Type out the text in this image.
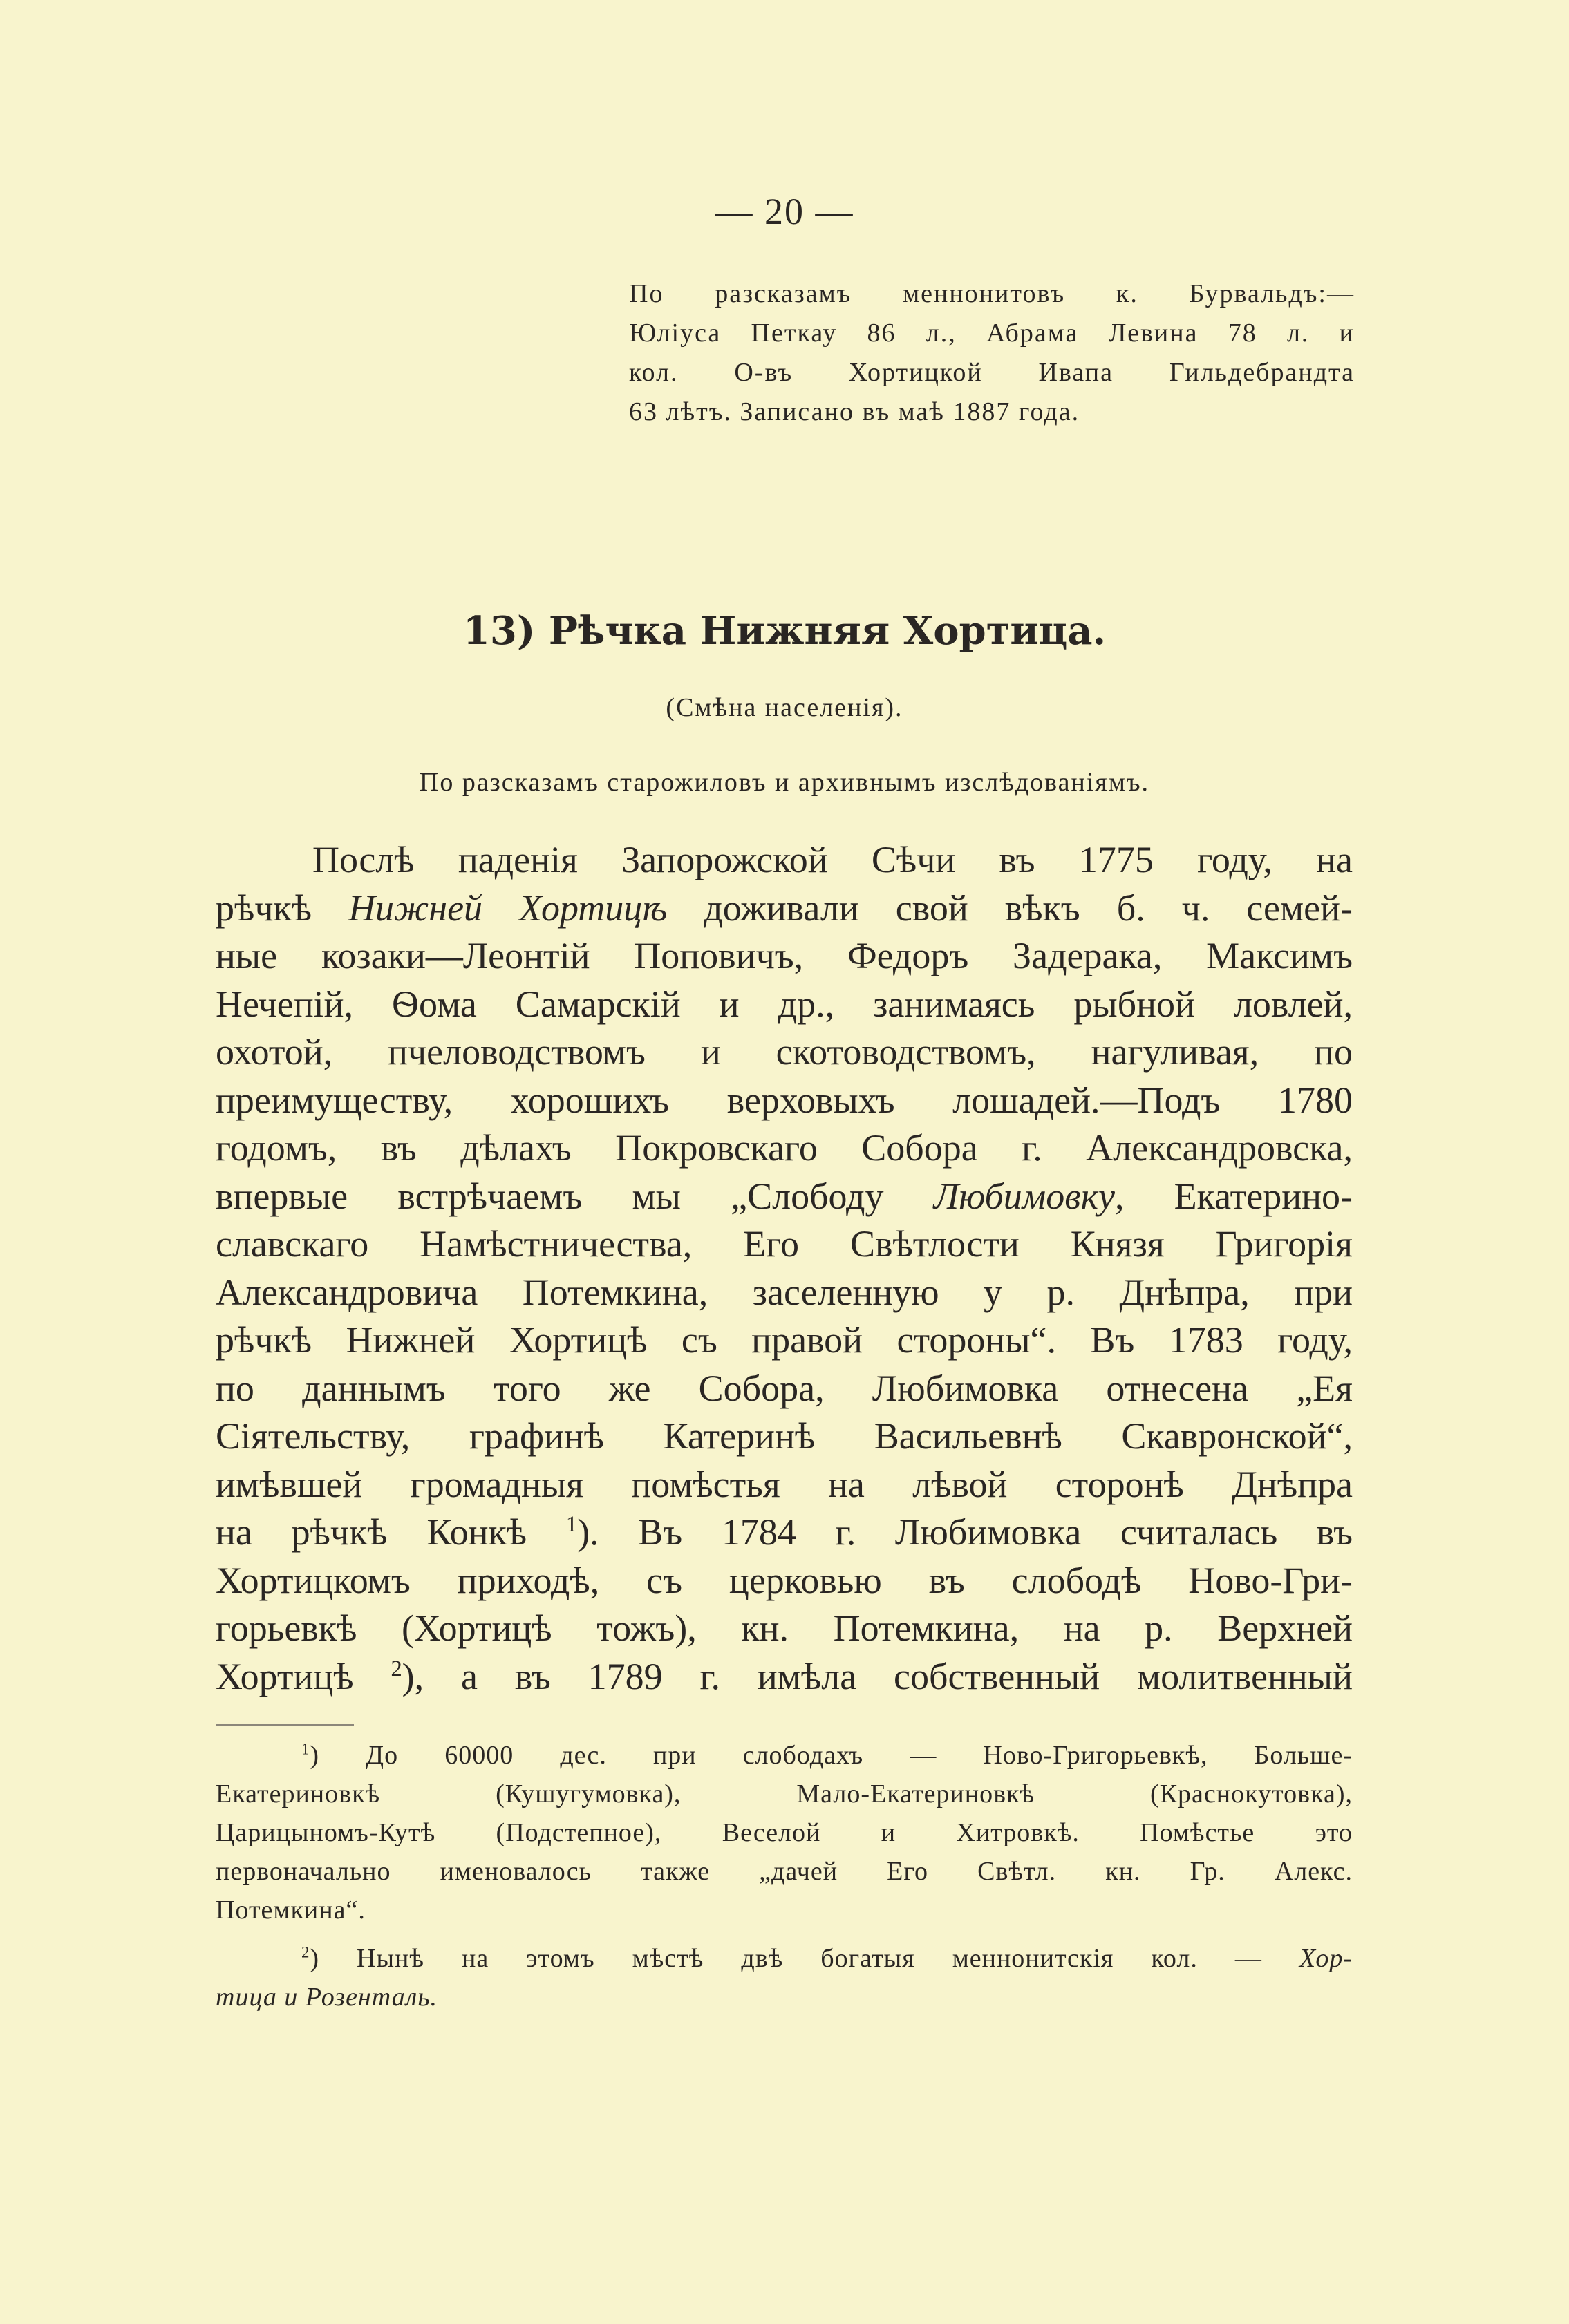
— 20 —
По разсказамъ меннонитовъ к. Бурвальдъ:—
Юліуса Петкау 86 л., Абрама Левина 78 л. и
кол. О-въ Хортицкой Ивапа Гильдебрандта
63 лѣтъ. Записано въ маѣ 1887 года.
13) Рѣчка Нижняя Хортица.
(Смѣна населенія).
По разсказамъ старожиловъ и архивнымъ изслѣдованіямъ.
Послѣ паденія Запорожской Сѣчи въ 1775 году, на
рѣчкѣ Нижней Хортицѣ доживали свой вѣкъ б. ч. семей-
ные козаки—Леонтій Поповичъ, Федоръ Задерака, Максимъ
Нечепій, Ѳома Самарскій и др., занимаясь рыбной ловлей,
охотой, пчеловодствомъ и скотоводствомъ, нагуливая, по
преимуществу, хорошихъ верховыхъ лошадей.—Подъ 1780
годомъ, въ дѣлахъ Покровскаго Собора г. Александровска,
впервые встрѣчаемъ мы „Слободу Любимовку, Екатерино-
славскаго Намѣстничества, Его Свѣтлости Князя Григорія
Александровича Потемкина, заселенную у р. Днѣпра, при
рѣчкѣ Нижней Хортицѣ съ правой стороны“. Въ 1783 году,
по даннымъ того же Собора, Любимовка отнесена „Ея
Сіятельству, графинѣ Катеринѣ Васильевнѣ Скавронской“,
имѣвшей громадныя помѣстья на лѣвой сторонѣ Днѣпра
на рѣчкѣ Конкѣ $^1$). Въ 1784 г. Любимовка считалась въ
Хортицкомъ приходѣ, съ церковью въ слободѣ Ново-Гри-
горьевкѣ (Хортицѣ тожъ), кн. Потемкина, на р. Верхней
Хортицѣ $^2$), а въ 1789 г. имѣла собственный молитвенный
$^1$) До 60000 дес. при слободахъ — Ново-Григорьевкѣ, Больше-
Екатериновкѣ (Кушугумовка), Мало-Екатериновкѣ (Краснокутовка),
Царицыномъ-Кутѣ (Подстепное), Веселой и Хитровкѣ. Помѣстье это
первоначально именовалось также „дачей Его Свѣтл. кн. Гр. Алекс.
Потемкина“.
$^2$) Нынѣ на этомъ мѣстѣ двѣ богатыя меннонитскія кол. — Хор-
тица и Розенталь.
